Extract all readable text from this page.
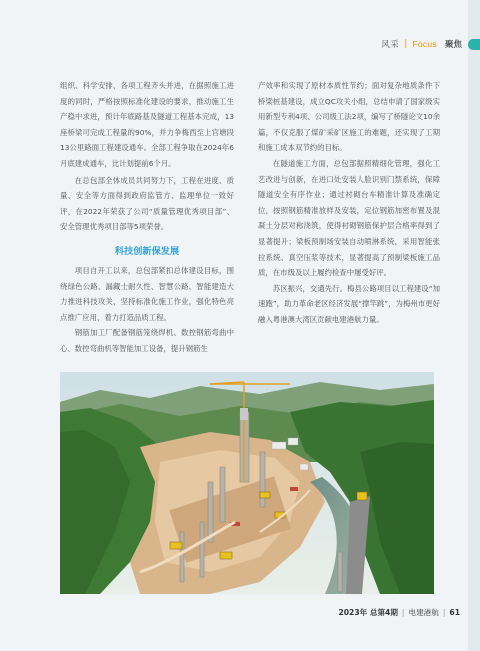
风采 | Focus 聚焦

组织、科学安排，各项工程齐头并进，在据照施工进度的同时，严格按照标准化建设的要求，推动施工生产稳中求进，预计年底路基及隧道工程基本完成，13座桥梁可完成工程量的90%，并力争梅西至上官塘段13公里路面工程建设通车。全部工程争取在2024年6月底建成通车，比计划提前6个月。

在总包部全体成员共同努力下，工程在进度、质量、安全等方面得到政府监管方、监理单位一致好评，在2022年荣获了公司“质量管理优秀项目部”、安全管理优秀项目部等5项荣誉。

科技创新保发展

项目自开工以来，总包部紧扣总体建设目标，围绕绿色公路、漏藏士耐久性、智慧公路、智能建造大力推进科技攻关，坚持标准化施工作业，强化特色亮点推广应用，着力打造品质工程。

钢筋加工厂配备钢筋笼绕焊机、数控钢筋弯曲中心、数控弯曲机等智能加工设备，提升钢筋生

产效率和实现了原材本质性节约；面对复杂地质条件下桥梁桩基建设，成立QC攻关小组，总结申请了国家级实用新型专利4项、公司级工法2项，编写了桥隧论文10余篇，不仅克服了煤矿采矿区施工的难题，还实现了工期和施工成本双节约的目标。

在隧道施工方面，总包部据照精细化管理，强化工艺改进与创新，在进口处安装人脸识别门禁系统，保障隧道安全有序作业；通过衬砌台车精准计算及准确定位，按照钢筋精准放样及安装，定位钢筋加密布置及混凝土分层对称浇筑，使得衬砌钢筋保护层合格率得到了显著提升；梁板预制场安装自动喷淋系统，采用智能张拉系统、真空压浆等技术，显著提高了预制梁板施工品质，在市级及以上履约检查中屡受好评。

苏区振兴，交通先行。梅县公路项目以工程建设“加速跑”，助力革命老区经济发展“撑竿跳”，为梅州市更好融入粤港澳大湾区贡献电建港航力量。

2023年 总第4期 | 电建港航 | 61
